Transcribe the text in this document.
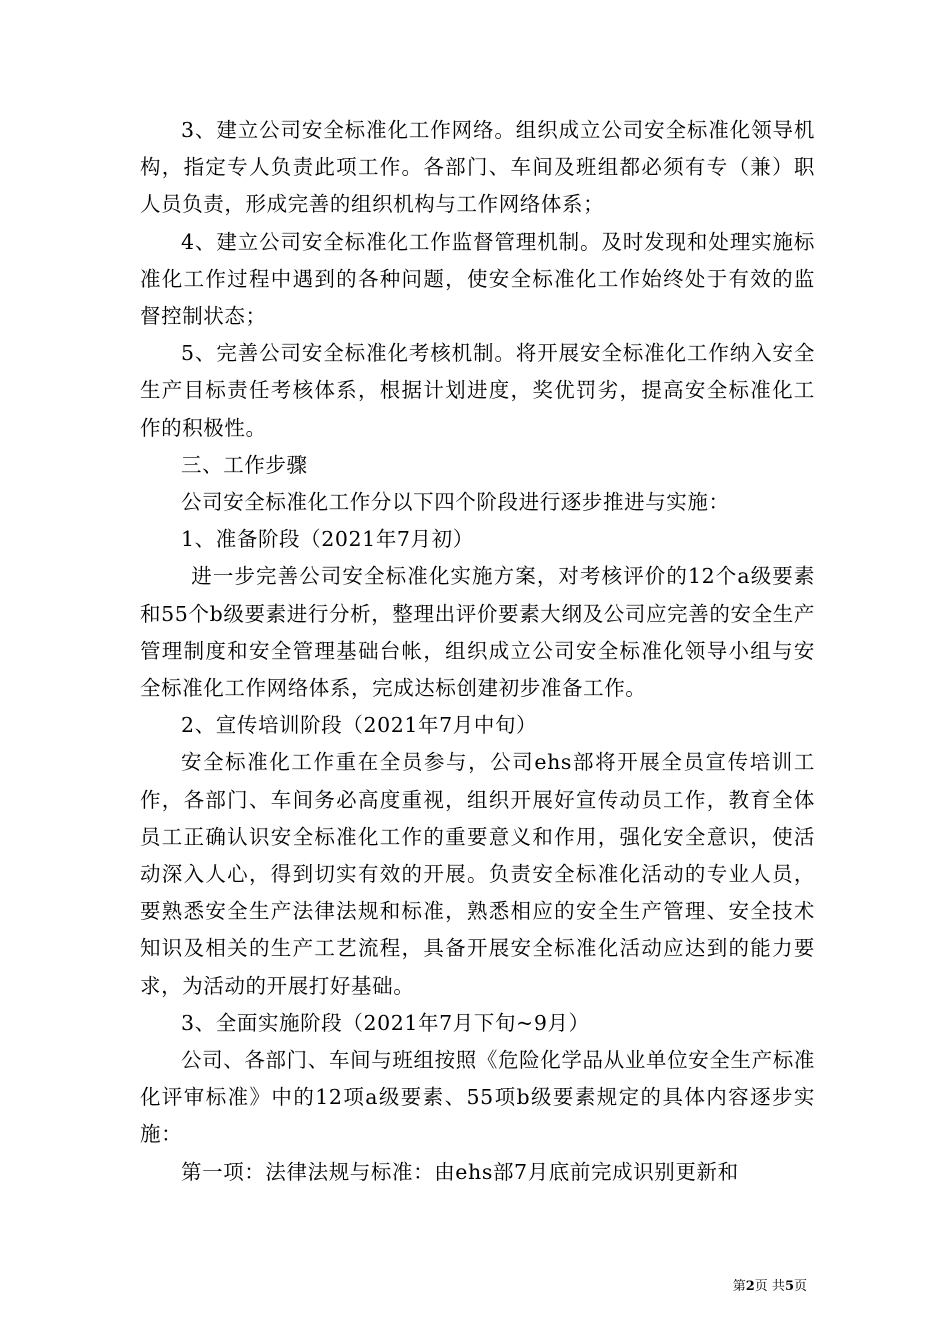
3、建立公司安全标准化工作网络。组织成立公司安全标准化领导机构，指定专人负责此项工作。各部门、车间及班组都必须有专（兼）职人员负责，形成完善的组织机构与工作网络体系；

4、建立公司安全标准化工作监督管理机制。及时发现和处理实施标准化工作过程中遇到的各种问题，使安全标准化工作始终处于有效的监督控制状态；

5、完善公司安全标准化考核机制。将开展安全标准化工作纳入安全生产目标责任考核体系，根据计划进度，奖优罚劣，提高安全标准化工作的积极性。

三、工作步骤

公司安全标准化工作分以下四个阶段进行逐步推进与实施：

1、准备阶段（2021年7月初）

进一步完善公司安全标准化实施方案，对考核评价的12个a级要素和55个b级要素进行分析，整理出评价要素大纲及公司应完善的安全生产管理制度和安全管理基础台帐，组织成立公司安全标准化领导小组与安全标准化工作网络体系，完成达标创建初步准备工作。

2、宣传培训阶段（2021年7月中旬）

安全标准化工作重在全员参与，公司ehs部将开展全员宣传培训工作，各部门、车间务必高度重视，组织开展好宣传动员工作，教育全体员工正确认识安全标准化工作的重要意义和作用，强化安全意识，使活动深入人心，得到切实有效的开展。负责安全标准化活动的专业人员，要熟悉安全生产法律法规和标准，熟悉相应的安全生产管理、安全技术知识及相关的生产工艺流程，具备开展安全标准化活动应达到的能力要求，为活动的开展打好基础。

3、全面实施阶段（2021年7月下旬~9月）

公司、各部门、车间与班组按照《危险化学品从业单位安全生产标准化评审标准》中的12项a级要素、55项b级要素规定的具体内容逐步实施：

第一项：法律法规与标准：由ehs部7月底前完成识别更新和

第2页 共5页
